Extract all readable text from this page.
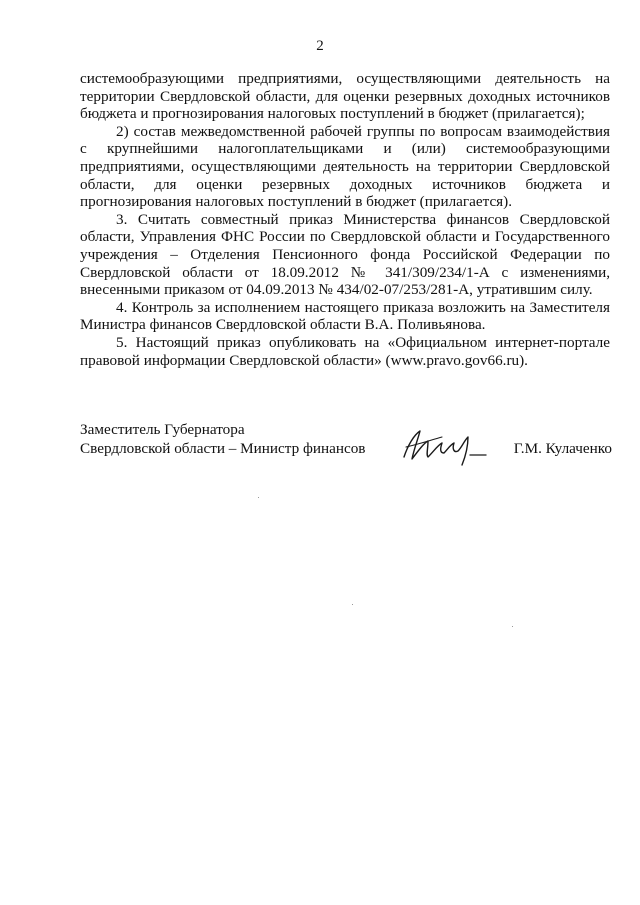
2

системообразующими предприятиями, осуществляющими деятельность на территории Свердловской области, для оценки резервных доходных источников бюджета и прогнозирования налоговых поступлений в бюджет (прилагается);

2) состав межведомственной рабочей группы по вопросам взаимодействия с крупнейшими налогоплательщиками и (или) системообразующими предприятиями, осуществляющими деятельность на территории Свердловской области, для оценки резервных доходных источников бюджета и прогнозирования налоговых поступлений в бюджет (прилагается).

3. Считать совместный приказ Министерства финансов Свердловской области, Управления ФНС России по Свердловской области и Государственного учреждения – Отделения Пенсионного фонда Российской Федерации по Свердловской области от 18.09.2012 № 341/309/234/1-А с изменениями, внесенными приказом от 04.09.2013 № 434/02-07/253/281-А, утратившим силу.

4. Контроль за исполнением настоящего приказа возложить на Заместителя Министра финансов Свердловской области В.А. Поливьянова.

5. Настоящий приказ опубликовать на «Официальном интернет-портале правовой информации Свердловской области» (www.pravo.gov66.ru).

Заместитель Губернатора
Свердловской области – Министр финансов	Г.М. Кулаченко
